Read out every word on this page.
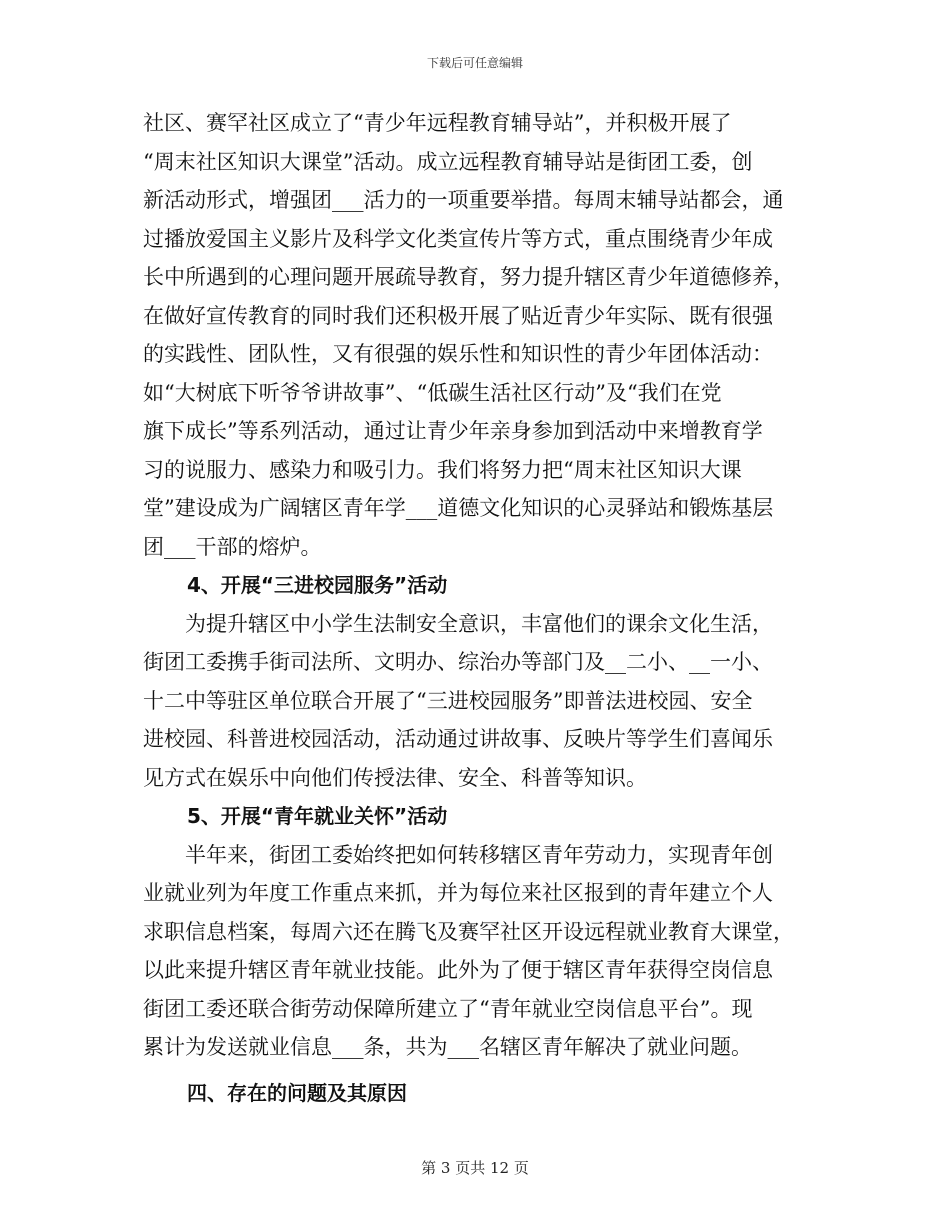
下载后可任意编辑
社区、赛罕社区成立了“青少年远程教育辅导站”，并积极开展了
“周末社区知识大课堂”活动。成立远程教育辅导站是街团工委，创
新活动形式，增强团___活力的一项重要举措。每周末辅导站都会，通
过播放爱国主义影片及科学文化类宣传片等方式，重点围绕青少年成
长中所遇到的心理问题开展疏导教育，努力提升辖区青少年道德修养，
在做好宣传教育的同时我们还积极开展了贴近青少年实际、既有很强
的实践性、团队性，又有很强的娱乐性和知识性的青少年团体活动：
如“大树底下听爷爷讲故事”、“低碳生活社区行动”及“我们在党
旗下成长”等系列活动，通过让青少年亲身参加到活动中来增教育学
习的说服力、感染力和吸引力。我们将努力把“周末社区知识大课
堂”建设成为广阔辖区青年学___道德文化知识的心灵驿站和锻炼基层
团___干部的熔炉。
4、开展“三进校园服务”活动
为提升辖区中小学生法制安全意识，丰富他们的课余文化生活，
街团工委携手街司法所、文明办、综治办等部门及__二小、__一小、
十二中等驻区单位联合开展了“三进校园服务”即普法进校园、安全
进校园、科普进校园活动，活动通过讲故事、反映片等学生们喜闻乐
见方式在娱乐中向他们传授法律、安全、科普等知识。
5、开展“青年就业关怀”活动
半年来，街团工委始终把如何转移辖区青年劳动力，实现青年创
业就业列为年度工作重点来抓，并为每位来社区报到的青年建立个人
求职信息档案，每周六还在腾飞及赛罕社区开设远程就业教育大课堂，
以此来提升辖区青年就业技能。此外为了便于辖区青年获得空岗信息
街团工委还联合街劳动保障所建立了“青年就业空岗信息平台”。现
累计为发送就业信息___条，共为___名辖区青年解决了就业问题。
四、存在的问题及其原因
第 3 页共 12 页
